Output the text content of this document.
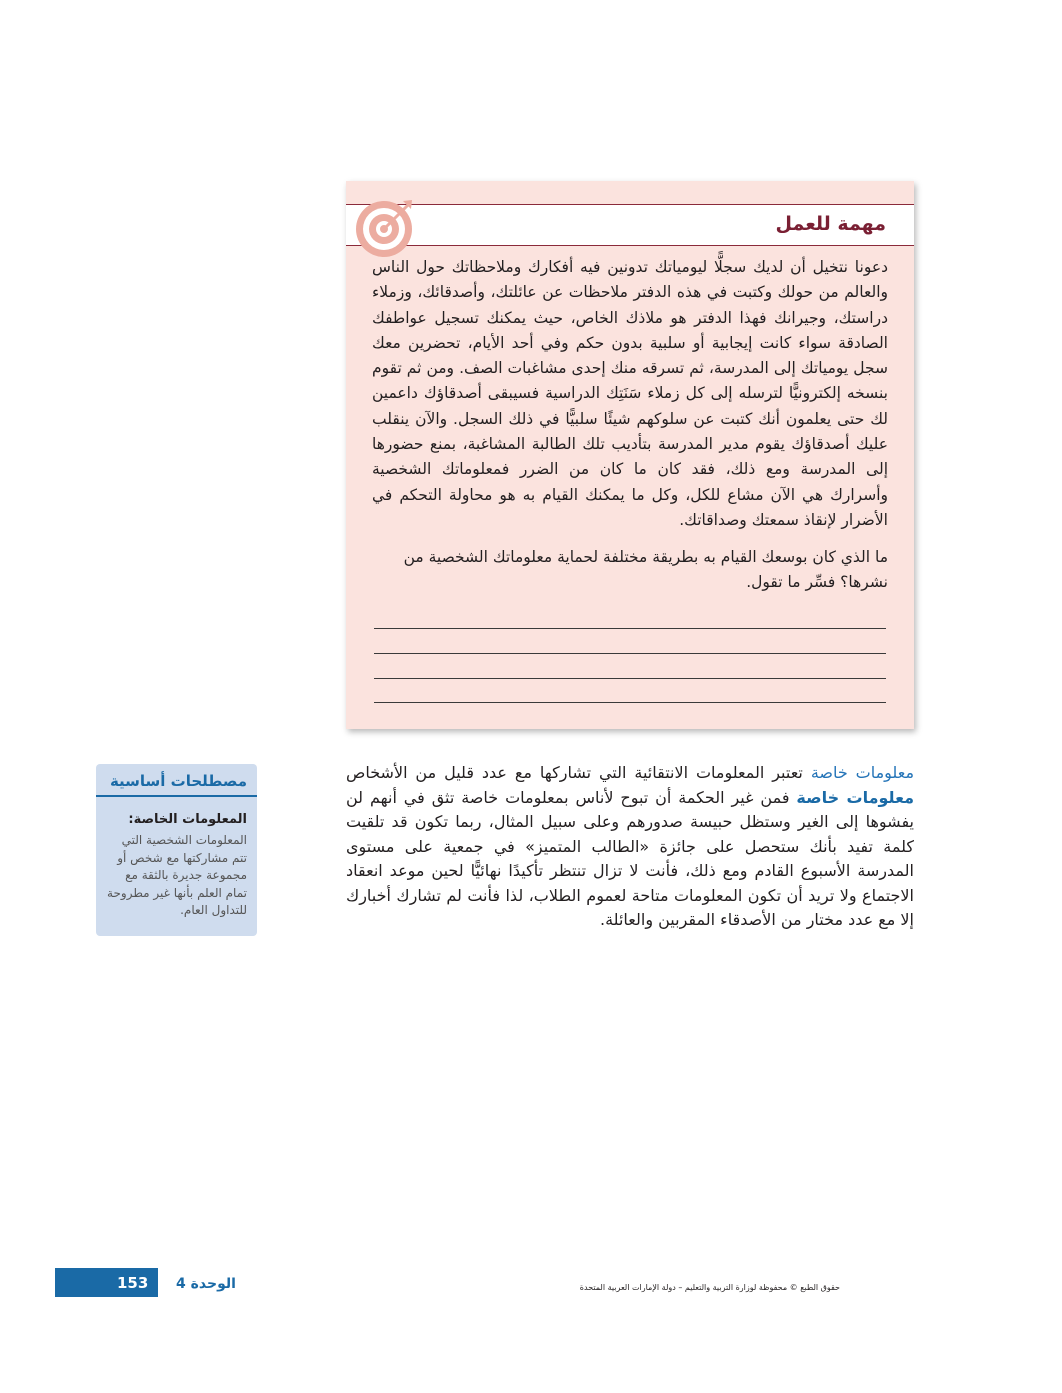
مهمة للعمل

دعونا نتخيل أن لديك سجلًّا ليومياتك تدونين فيه أفكارك وملاحظاتك حول الناس والعالم من حولك وكتبت في هذه الدفتر ملاحظات عن عائلتك، وأصدقائك، وزملاء دراستك، وجيرانك فهذا الدفتر هو ملاذك الخاص، حيث يمكنك تسجيل عواطفك الصادقة سواء كانت إيجابية أو سلبية بدون حكم وفي أحد الأيام، تحضرين معك سجل يومياتك إلى المدرسة، ثم تسرقه منك إحدى مشاغبات الصف. ومن ثم تقوم بنسخه إلكترونيًّا لترسله إلى كل زملاء سَنَتِك الدراسية فسيبقى أصدقاؤك داعمين لك حتى يعلمون أنك كتبت عن سلوكهم شيئًا سلبيًّا في ذلك السجل. والآن ينقلب عليك أصدقاؤك يقوم مدير المدرسة بتأديب تلك الطالبة المشاغبة، بمنع حضورها إلى المدرسة ومع ذلك، فقد كان ما كان من الضرر فمعلوماتك الشخصية وأسرارك هي الآن مشاع للكل، وكل ما يمكنك القيام به هو محاولة التحكم في الأضرار لإنقاذ سمعتك وصداقاتك.

ما الذي كان بوسعك القيام به بطريقة مختلفة لحماية معلوماتك الشخصية من نشرها؟ فسِّر ما تقول.

معلومات خاصة تعتبر المعلومات الانتقائية التي تشاركها مع عدد قليل من الأشخاص معلومات خاصة فمن غير الحكمة أن تبوح لأناس بمعلومات خاصة تثق في أنهم لن يفشوها إلى الغير وستظل حبيسة صدورهم وعلى سبيل المثال، ربما تكون قد تلقيت كلمة تفيد بأنك ستحصل على جائزة «الطالب المتميز» في جمعية على مستوى المدرسة الأسبوع القادم ومع ذلك، فأنت لا تزال تنتظر تأكيدًا نهائيًّا لحين موعد انعقاد الاجتماع ولا تريد أن تكون المعلومات متاحة لعموم الطلاب، لذا فأنت لم تشارك أخبارك إلا مع عدد مختار من الأصدقاء المقربين والعائلة.

مصطلحات أساسية

المعلومات الخاصة:

المعلومات الشخصية التي تتم مشاركتها مع شخص أو مجموعة جديرة بالثقة مع تمام العلم بأنها غير مطروحة للتداول العام.

153 الوحدة 4	حقوق الطبع © محفوظة لوزارة التربية والتعليم – دولة الإمارات العربية المتحدة
